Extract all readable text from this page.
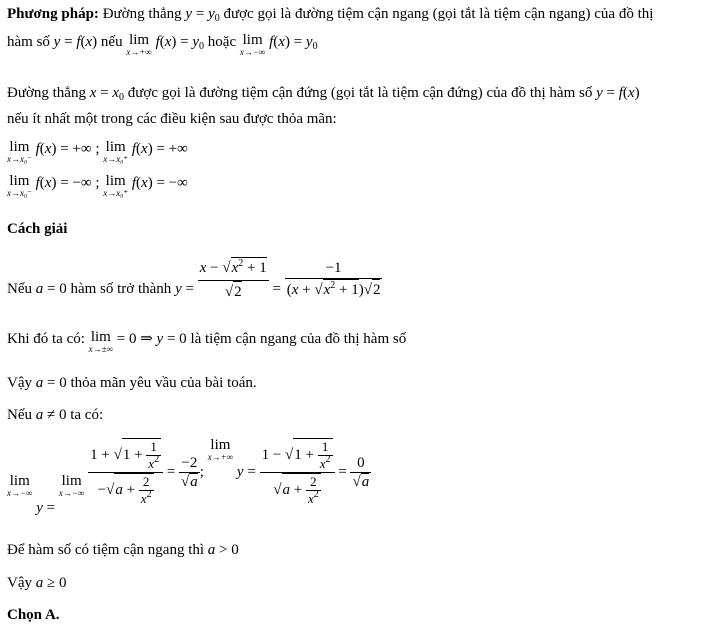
Phương pháp: Đường thẳng $y = y_0$ được gọi là đường tiệm cận ngang (gọi tắt là tiệm cận ngang) của đồ thị
hàm số y = f(x) nếu lim
x→+∞
$f(x) = y_0$ hoặc lim
x→−∞
$f(x) = y_0$
Đường thẳng $x = x_0$ được gọi là đường tiệm cận đứng (gọi tắt là tiệm cận đứng) của đồ thị hàm số y = f(x)
nếu ít nhất một trong các điều kiện sau được thỏa mãn:
lim
x→x₀⁻
f(x) = +∞ ; lim
x→x₀⁺
f(x) = +∞
lim
x→x₀⁻
f(x) = −∞ ; lim
x→x₀⁺
f(x) = −∞
Cách giải
Nếu a = 0 hàm số trở thành $y = \frac{x - √x^2 + 1}{√2} = \frac{-1}{(x + √x^2 + 1)√2}$
Khi đó ta có: lim
x→±∞
= 0 ⇒ y = 0 là tiệm cận ngang của đồ thị hàm số
Vậy a = 0 thỏa mãn yêu vầu của bài toán.
Nếu a ≠ 0 ta có:
lim
x→−∞
y =
lim
x→−∞
$\frac{1 + √1 + \frac{1}{x^2}}{-√a + \frac{2}{x^2}} = \frac{-2}{√a}$ ;
lim
x→+∞
$y = \frac{1 - √1 + \frac{1}{x^2}}{√a + \frac{2}{x^2}} = \frac{0}{√a}$
Để hàm số có tiệm cận ngang thì a > 0
Vậy a ≥ 0
Chọn A.
